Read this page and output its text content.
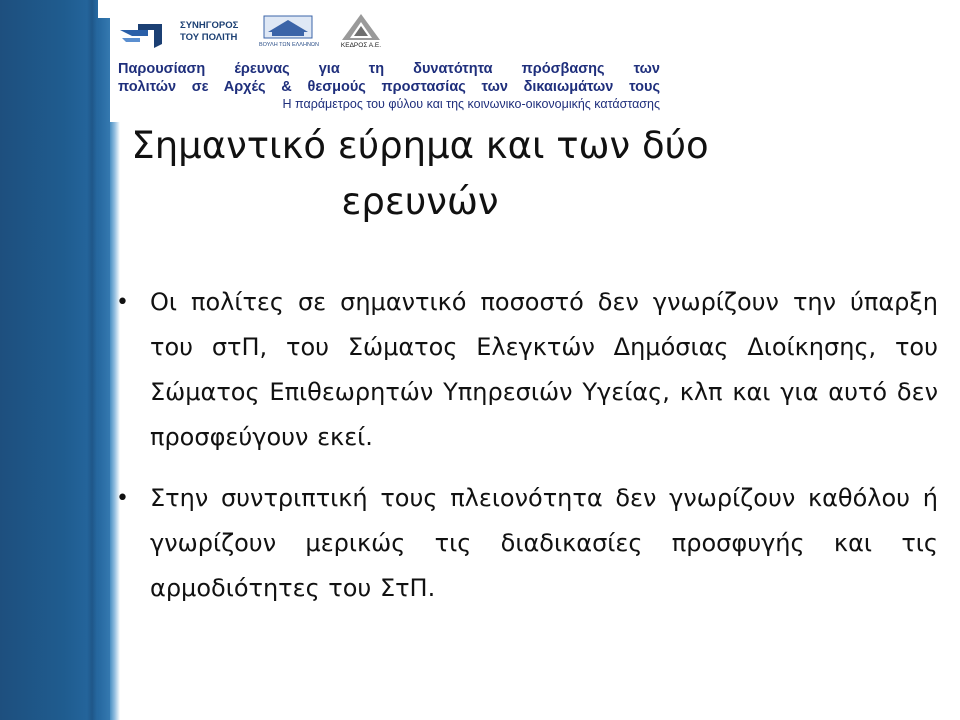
ΣΥΝΗΓΟΡΟΣ
ΤΟΥ ΠΟΛΙΤΗ
ΒΟΥΛΗ ΤΩΝ ΕΛΛΗΝΩΝ	ΚΕΔΡΟΣ Α.Ε.
Παρουσίαση έρευνας για τη δυνατότητα πρόσβασης των
πολιτών σε Αρχές & θεσμούς προστασίας των δικαιωμάτων τους
Η παράμετρος του φύλου και της κοινωνικο-οικονομικής κατάστασης
Σημαντικό εύρημα και των δύο
ερευνών
• Οι πολίτες σε σημαντικό ποσοστό δεν γνωρίζουν την ύπαρξη του στΠ, του Σώματος Ελεγκτών Δημόσιας Διοίκησης, του Σώματος Επιθεωρητών Υπηρεσιών Υγείας, κλπ και για αυτό δεν προσφεύγουν εκεί.
• Στην συντριπτική τους πλειονότητα δεν γνωρίζουν καθόλου ή γνωρίζουν μερικώς τις διαδικασίες προσφυγής και τις αρμοδιότητες του ΣτΠ.
